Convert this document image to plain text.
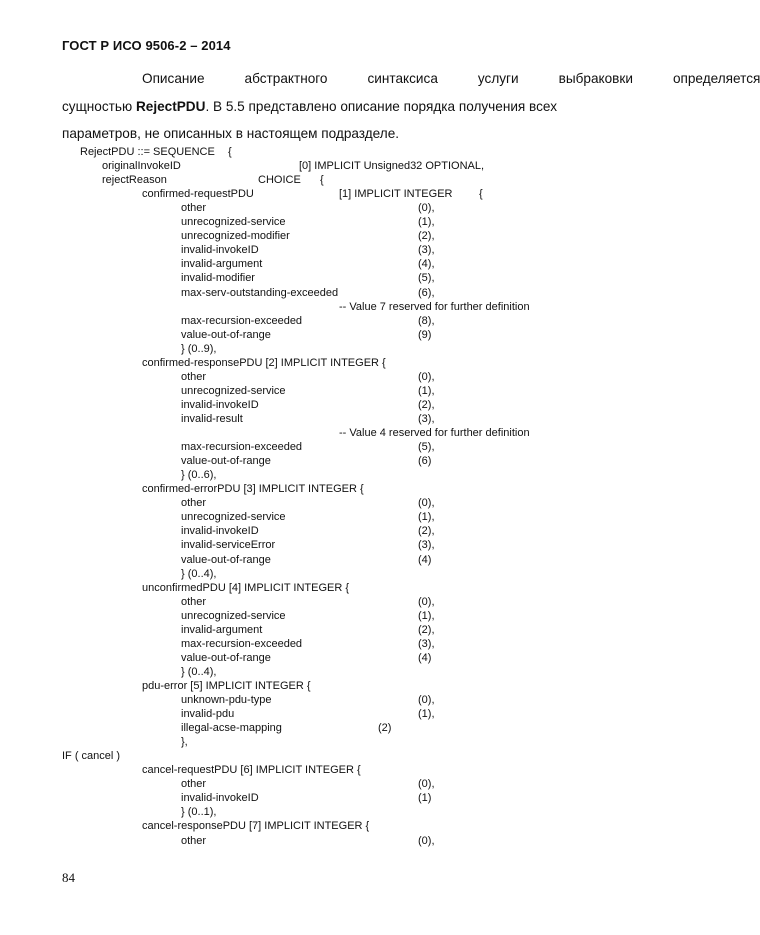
ГОСТ Р ИСО 9506-2 – 2014
Описание	абстрактного	синтаксиса	услуги	выбраковки	определяется
сущностью RejectPDU. В 5.5 представлено описание порядка получения всех
параметров, не описанных в настоящем подразделе.
RejectPDU ::= SEQUENCE {
originalInvokeID	[0] IMPLICIT Unsigned32 OPTIONAL,
rejectReason	CHOICE {
confirmed-requestPDU	[1] IMPLICIT INTEGER {
other	(0),
unrecognized-service	(1),
unrecognized-modifier	(2),
invalid-invokeID	(3),
invalid-argument	(4),
invalid-modifier	(5),
max-serv-outstanding-exceeded	(6),
-- Value 7 reserved for further definition
max-recursion-exceeded	(8),
value-out-of-range	(9)
} (0..9),
confirmed-responsePDU [2] IMPLICIT INTEGER {
other	(0),
unrecognized-service	(1),
invalid-invokeID	(2),
invalid-result	(3),
-- Value 4 reserved for further definition
max-recursion-exceeded	(5),
value-out-of-range	(6)
} (0..6),
confirmed-errorPDU [3] IMPLICIT INTEGER {
other	(0),
unrecognized-service	(1),
invalid-invokeID	(2),
invalid-serviceError	(3),
value-out-of-range	(4)
} (0..4),
unconfirmedPDU [4] IMPLICIT INTEGER {
other	(0),
unrecognized-service	(1),
invalid-argument	(2),
max-recursion-exceeded	(3),
value-out-of-range	(4)
} (0..4),
pdu-error [5] IMPLICIT INTEGER {
unknown-pdu-type	(0),
invalid-pdu	(1),
illegal-acse-mapping	(2)
},
IF ( cancel )
cancel-requestPDU [6] IMPLICIT INTEGER {
other	(0),
invalid-invokeID	(1)
} (0..1),
cancel-responsePDU [7] IMPLICIT INTEGER {
other	(0),
84
